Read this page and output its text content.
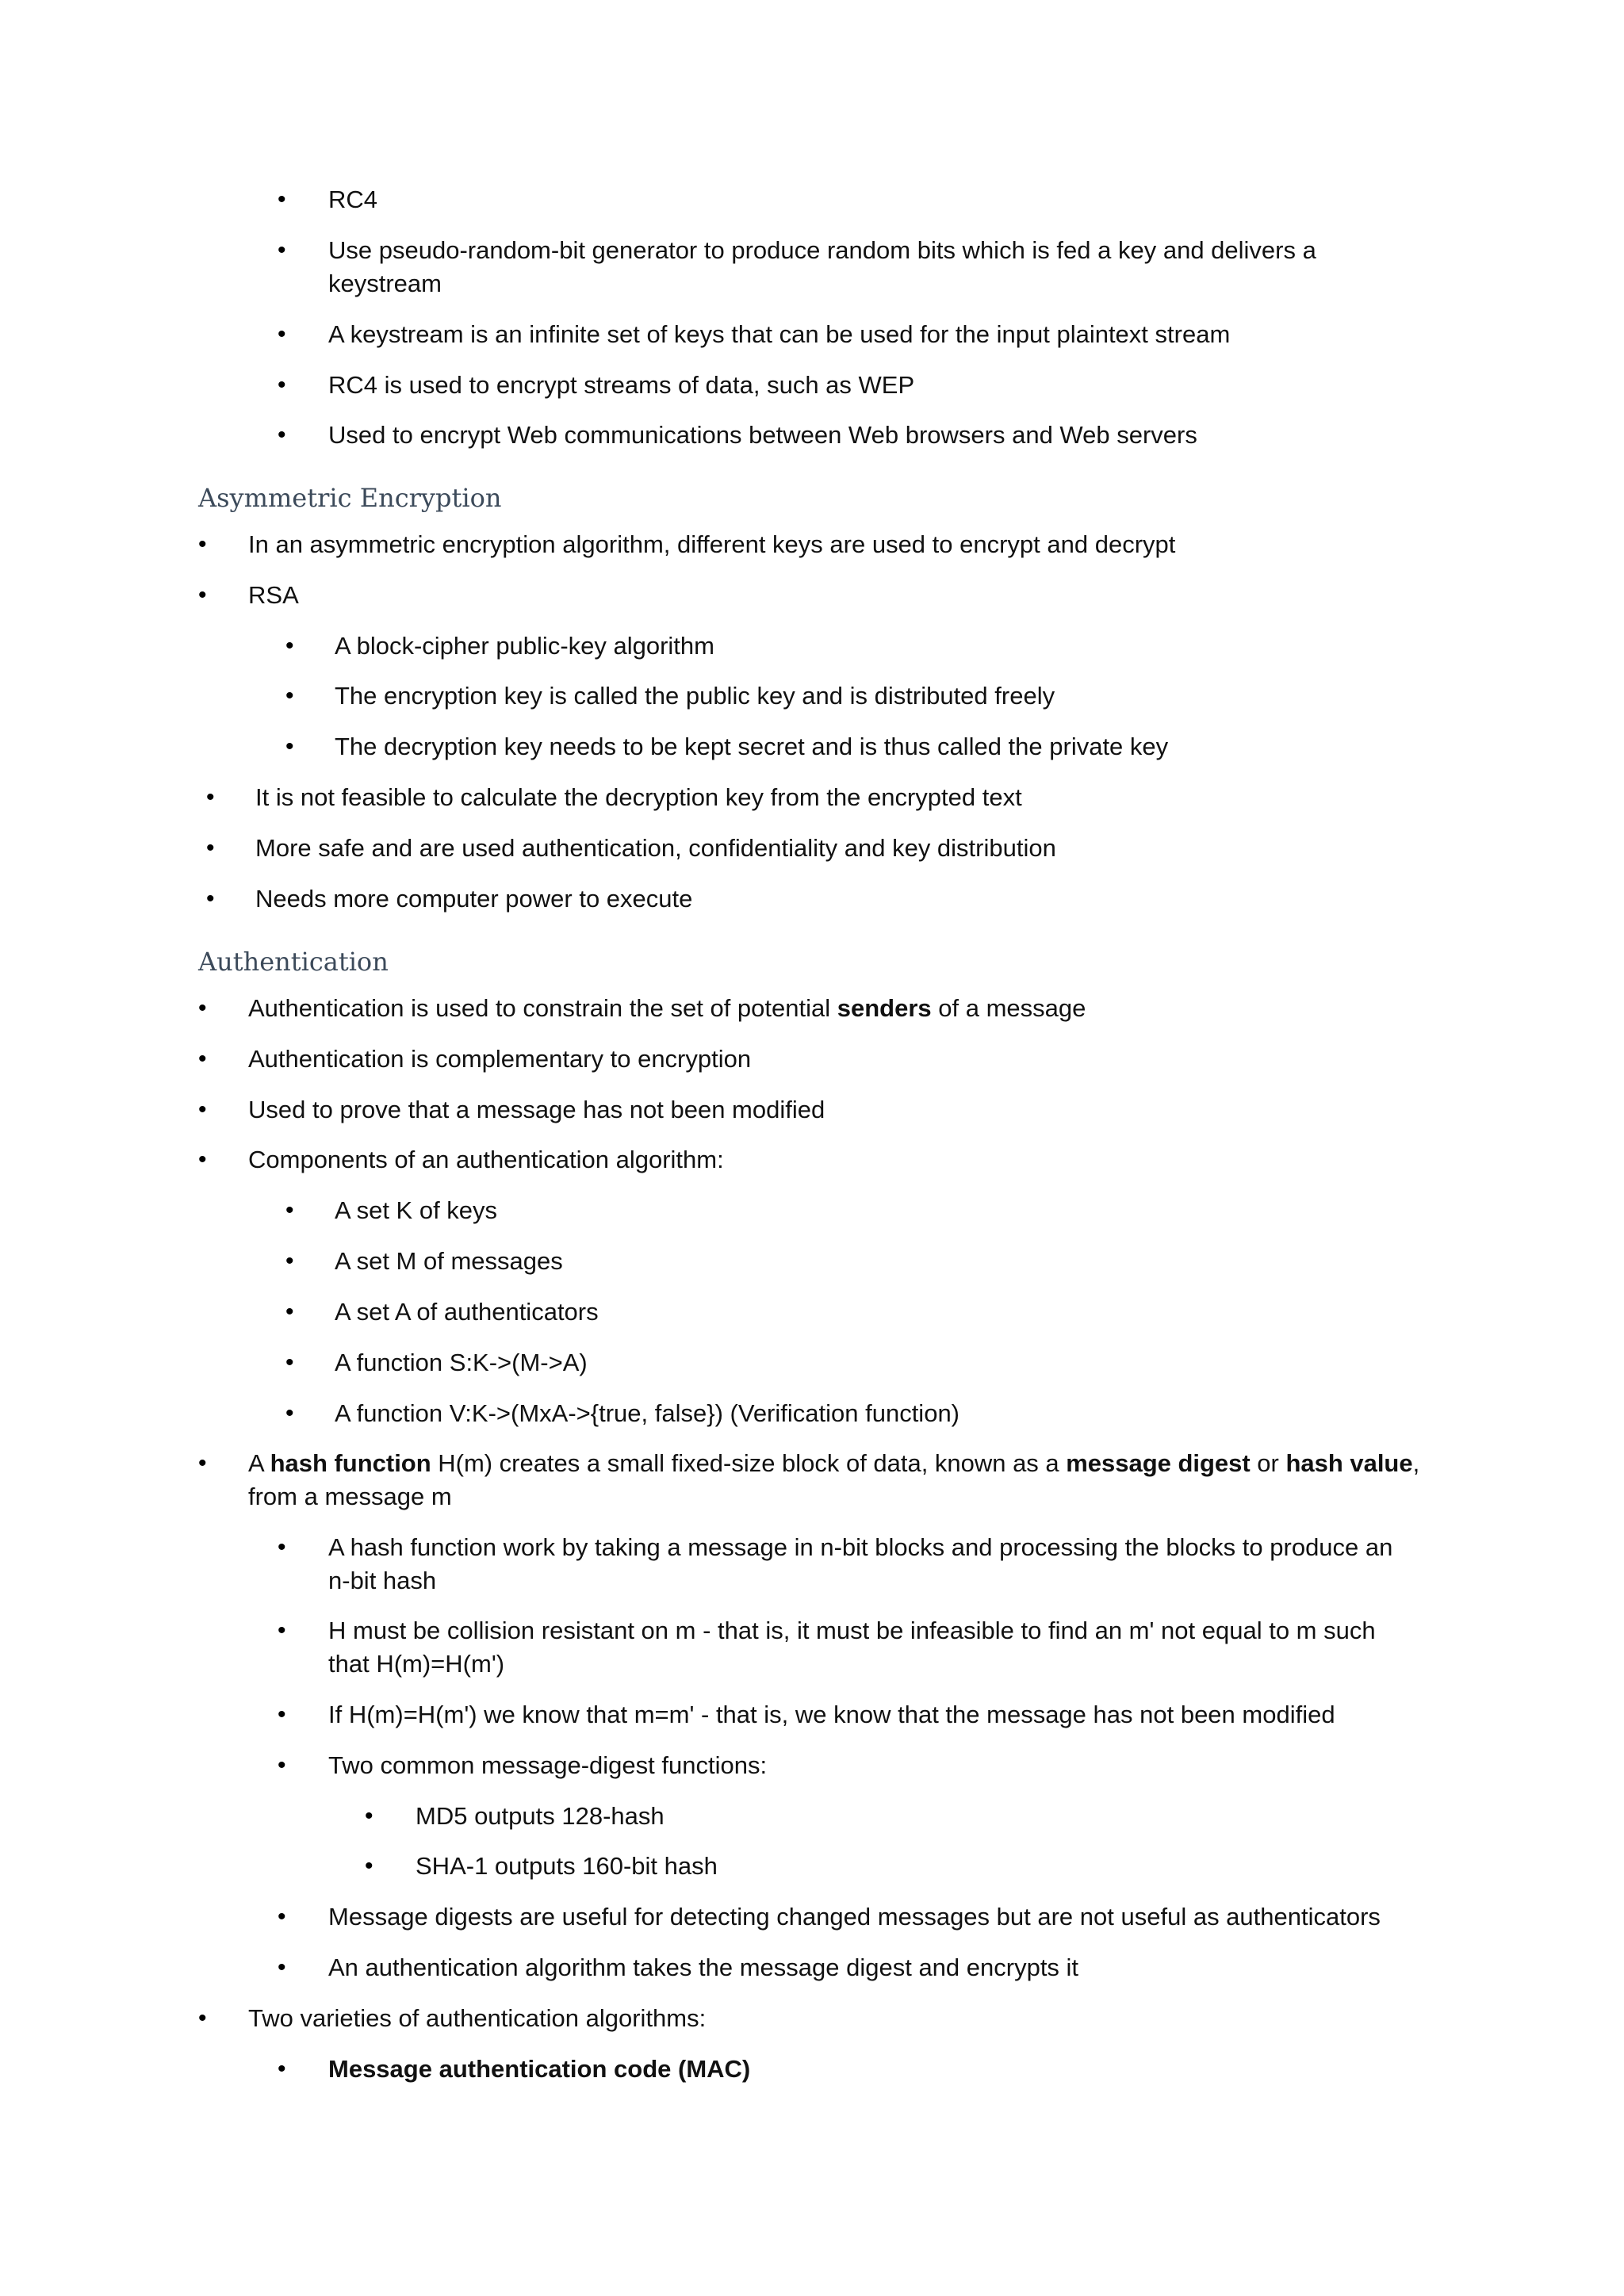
• RC4
• Use pseudo-random-bit generator to produce random bits which is fed a key and delivers a
keystream
• A keystream is an infinite set of keys that can be used for the input plaintext stream
• RC4 is used to encrypt streams of data, such as WEP
• Used to encrypt Web communications between Web browsers and Web servers
Asymmetric Encryption
• In an asymmetric encryption algorithm, different keys are used to encrypt and decrypt
• RSA
• A block-cipher public-key algorithm
• The encryption key is called the public key and is distributed freely
• The decryption key needs to be kept secret and is thus called the private key
• It is not feasible to calculate the decryption key from the encrypted text
• More safe and are used authentication, confidentiality and key distribution
• Needs more computer power to execute
Authentication
• Authentication is used to constrain the set of potential senders of a message
• Authentication is complementary to encryption
• Used to prove that a message has not been modified
• Components of an authentication algorithm:
• A set K of keys
• A set M of messages
• A set A of authenticators
• A function S:K->(M->A)
• A function V:K->(MxA->{true, false}) (Verification function)
• A hash function H(m) creates a small fixed-size block of data, known as a message digest or hash value,
from a message m
• A hash function work by taking a message in n-bit blocks and processing the blocks to produce an
n-bit hash
• H must be collision resistant on m - that is, it must be infeasible to find an m' not equal to m such
that H(m)=H(m')
• If H(m)=H(m') we know that m=m' - that is, we know that the message has not been modified
• Two common message-digest functions:
• MD5 outputs 128-hash
• SHA-1 outputs 160-bit hash
• Message digests are useful for detecting changed messages but are not useful as authenticators
• An authentication algorithm takes the message digest and encrypts it
• Two varieties of authentication algorithms:
• Message authentication code (MAC)
